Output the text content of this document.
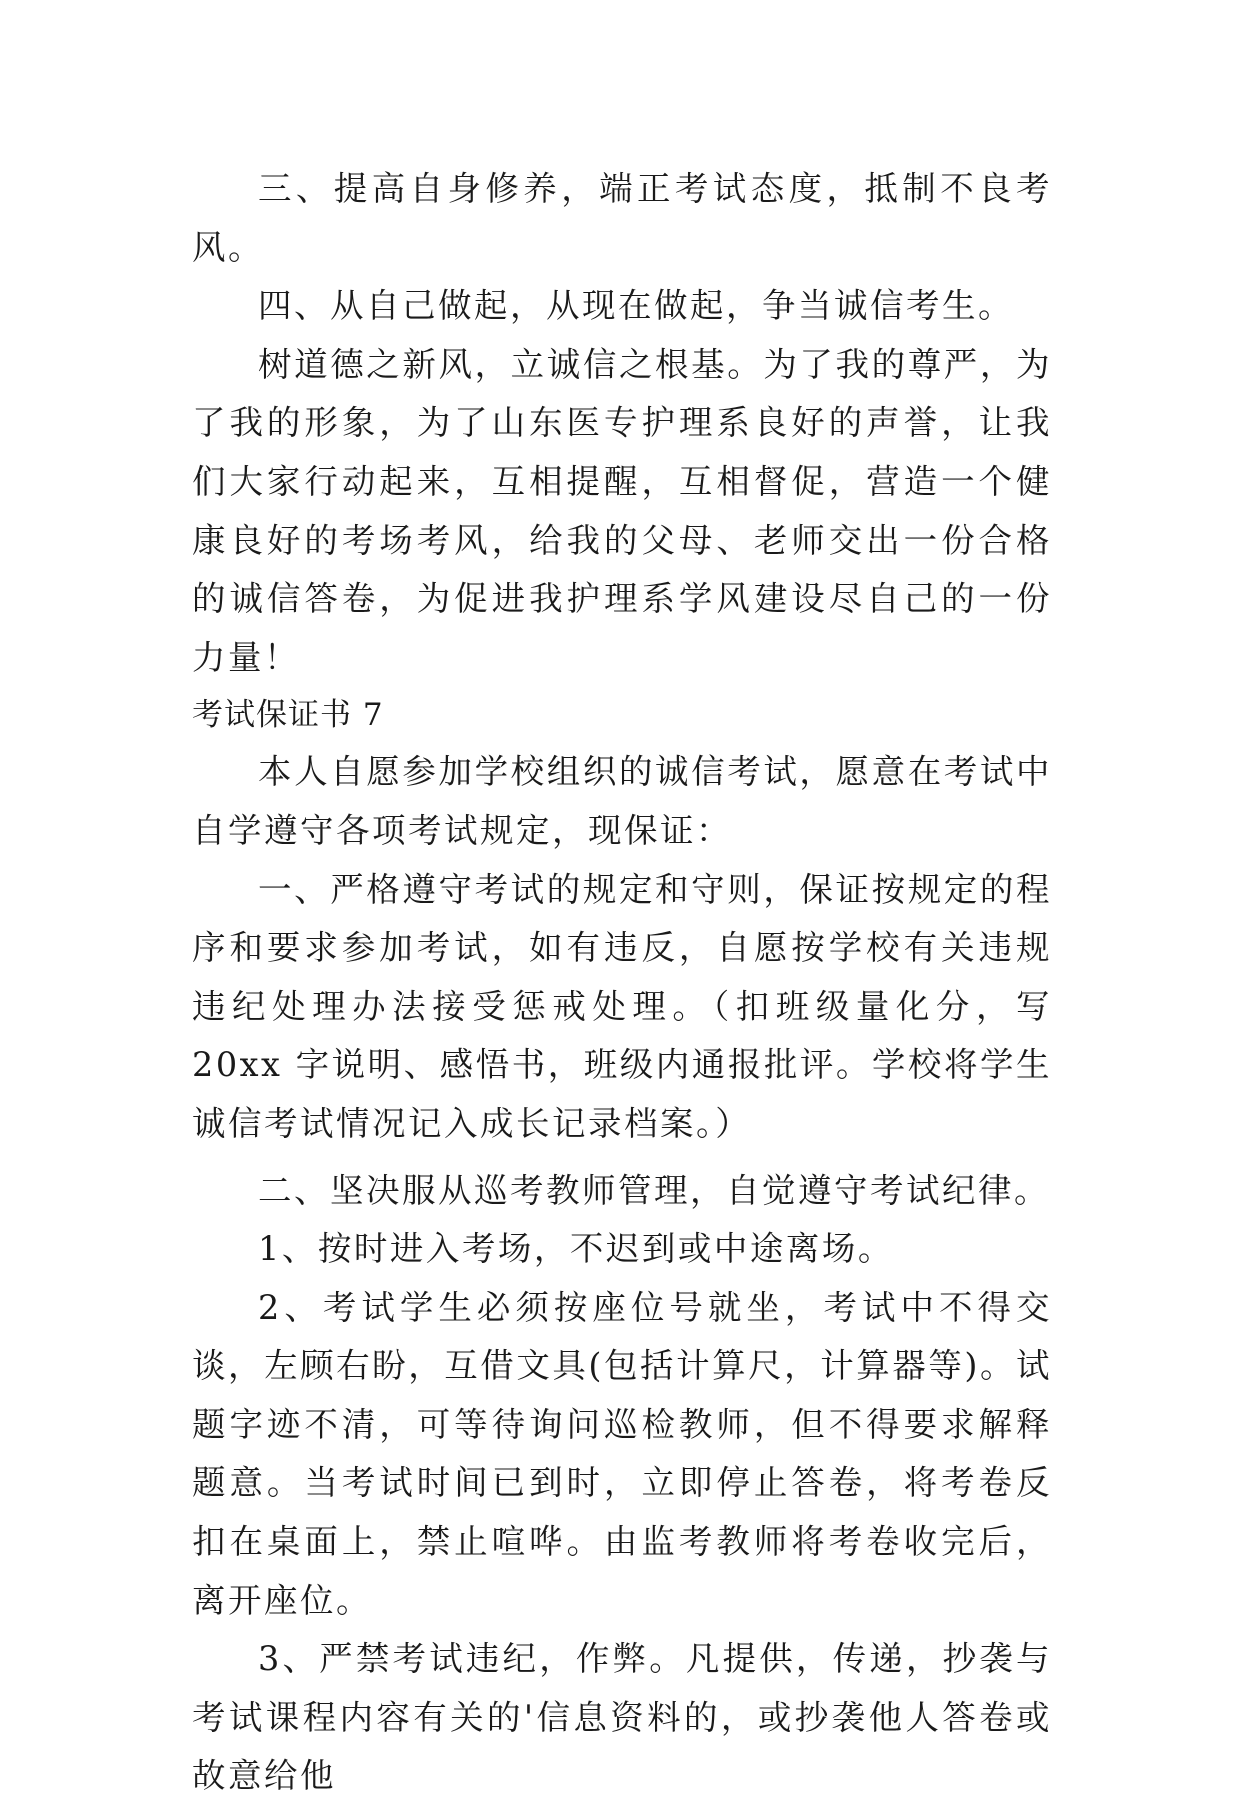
三、提高自身修养，端正考试态度，抵制不良考风。

四、从自己做起，从现在做起，争当诚信考生。

树道德之新风，立诚信之根基。为了我的尊严，为了我的形象，为了山东医专护理系良好的声誉，让我们大家行动起来，互相提醒，互相督促，营造一个健康良好的考场考风，给我的父母、老师交出一份合格的诚信答卷，为促进我护理系学风建设尽自己的一份力量！

考试保证书 7

本人自愿参加学校组织的诚信考试，愿意在考试中自学遵守各项考试规定，现保证：

一、严格遵守考试的规定和守则，保证按规定的程序和要求参加考试，如有违反，自愿按学校有关违规违纪处理办法接受惩戒处理。（扣班级量化分，写 20xx 字说明、感悟书，班级内通报批评。学校将学生诚信考试情况记入成长记录档案。）

二、坚决服从巡考教师管理，自觉遵守考试纪律。

1、按时进入考场，不迟到或中途离场。

2、考试学生必须按座位号就坐，考试中不得交谈，左顾右盼，互借文具(包括计算尺，计算器等)。试题字迹不清，可等待询问巡检教师，但不得要求解释题意。当考试时间已到时，立即停止答卷，将考卷反扣在桌面上，禁止喧哗。由监考教师将考卷收完后，离开座位。

3、严禁考试违纪，作弊。凡提供，传递，抄袭与考试课程内容有关的'信息资料的，或抄袭他人答卷或故意给他
